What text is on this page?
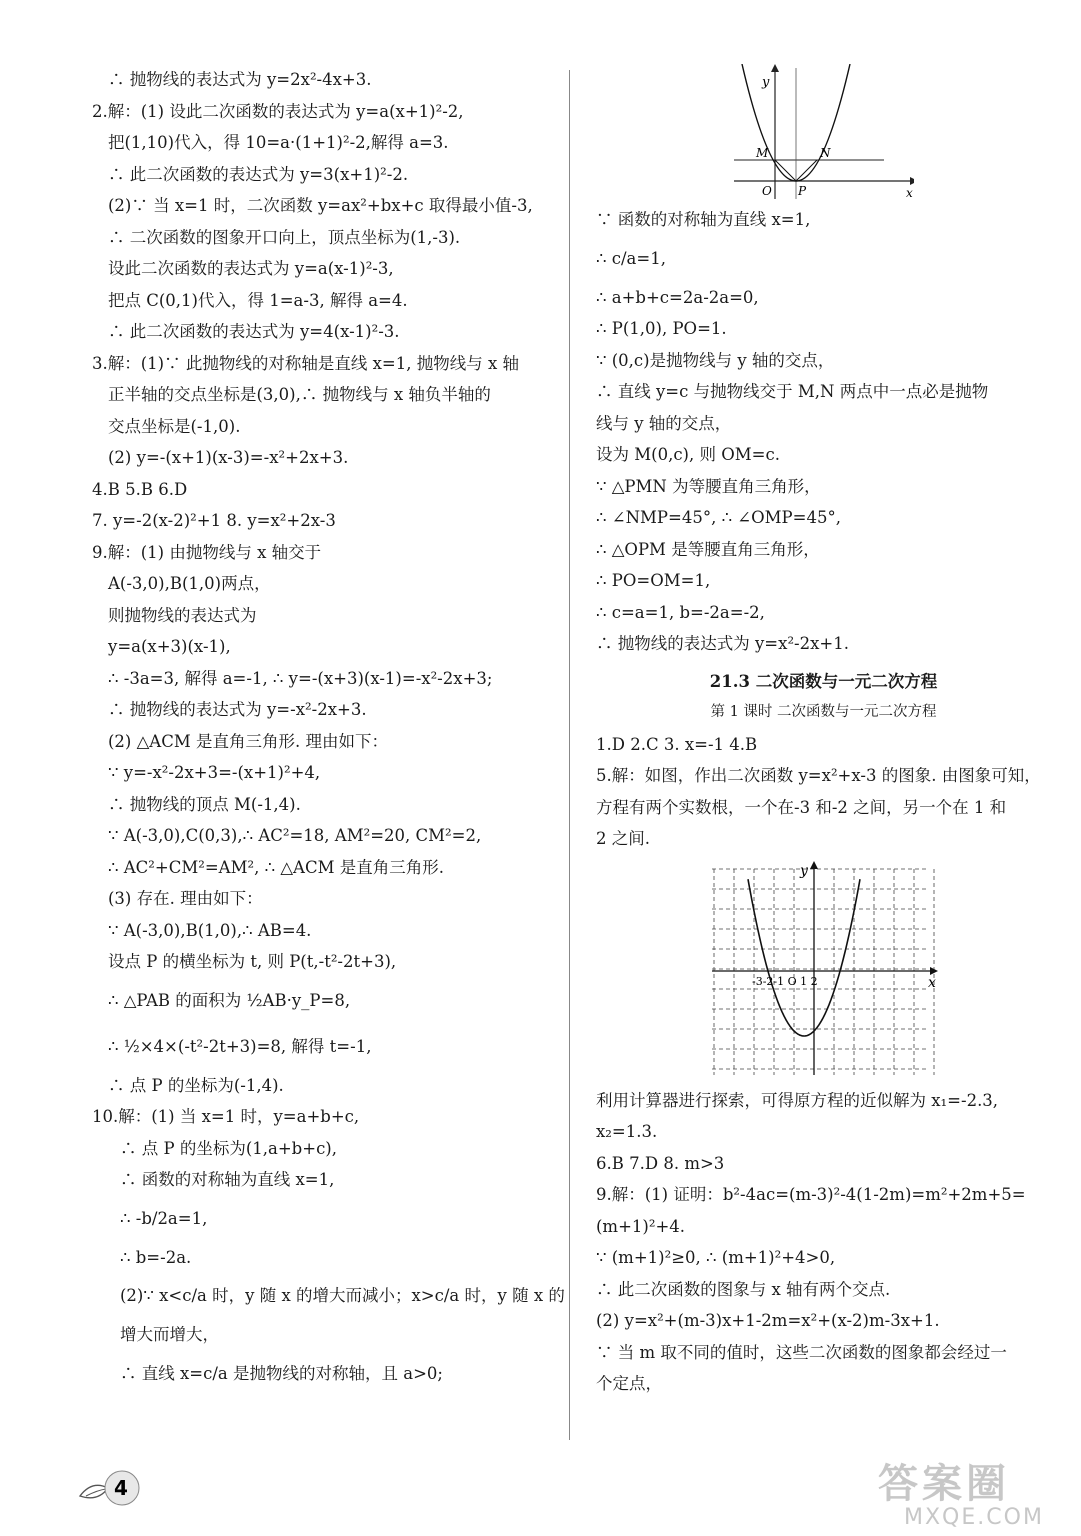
∴ 抛物线的表达式为 y=2x²-4x+3.
2.解：(1) 设此二次函数的表达式为 y=a(x+1)²-2,
把(1,10)代入，得 10=a·(1+1)²-2,解得 a=3.
∴ 此二次函数的表达式为 y=3(x+1)²-2.
(2)∵ 当 x=1 时，二次函数 y=ax²+bx+c 取得最小值-3,
∴ 二次函数的图象开口向上，顶点坐标为(1,-3).
设此二次函数的表达式为 y=a(x-1)²-3,
把点 C(0,1)代入，得 1=a-3, 解得 a=4.
∴ 此二次函数的表达式为 y=4(x-1)²-3.
3.解：(1)∵ 此抛物线的对称轴是直线 x=1, 抛物线与 x 轴
正半轴的交点坐标是(3,0),∴ 抛物线与 x 轴负半轴的
交点坐标是(-1,0).
(2) y=-(x+1)(x-3)=-x²+2x+3.
4.B 5.B 6.D
7. y=-2(x-2)²+1 8. y=x²+2x-3
9.解：(1) 由抛物线与 x 轴交于
A(-3,0),B(1,0)两点，
则抛物线的表达式为
y=a(x+3)(x-1),
∴ -3a=3, 解得 a=-1, ∴ y=-(x+3)(x-1)=-x²-2x+3;
∴ 抛物线的表达式为 y=-x²-2x+3.
(2) △ACM 是直角三角形. 理由如下：
∵ y=-x²-2x+3=-(x+1)²+4,
∴ 抛物线的顶点 M(-1,4).
∵ A(-3,0),C(0,3),∴ AC²=18, AM²=20, CM²=2,
∴ AC²+CM²=AM², ∴ △ACM 是直角三角形.
(3) 存在. 理由如下：
∵ A(-3,0),B(1,0),∴ AB=4.
设点 P 的横坐标为 t, 则 P(t,-t²-2t+3),
∴ △PAB 的面积为 ½AB·y_P=8,
∴ ½×4×(-t²-2t+3)=8, 解得 t=-1,
∴ 点 P 的坐标为(-1,4).
10.解：(1) 当 x=1 时，y=a+b+c,
∴ 点 P 的坐标为(1,a+b+c),
∴ 函数的对称轴为直线 x=1,
∴ -b/2a=1,
∴ b=-2a.
(2)∵ x<c/a 时，y 随 x 的增大而减小；x>c/a 时，y 随 x 的
增大而增大，
∴ 直线 x=c/a 是抛物线的对称轴，且 a>0;
y
x
M	N
O P
∵ 函数的对称轴为直线 x=1,
∴ c/a=1,
∴ a+b+c=2a-2a=0,
∴ P(1,0), PO=1.
∵ (0,c)是抛物线与 y 轴的交点，
∴ 直线 y=c 与抛物线交于 M,N 两点中一点必是抛物
线与 y 轴的交点，
设为 M(0,c), 则 OM=c.
∵ △PMN 为等腰直角三角形，
∴ ∠NMP=45°, ∴ ∠OMP=45°,
∴ △OPM 是等腰直角三角形，
∴ PO=OM=1,
∴ c=a=1, b=-2a=-2,
∴ 抛物线的表达式为 y=x²-2x+1.
21.3 二次函数与一元二次方程
第 1 课时 二次函数与一元二次方程
1.D 2.C 3. x=-1 4.B
5.解：如图，作出二次函数 y=x²+x-3 的图象. 由图象可知，
方程有两个实数根，一个在-3 和-2 之间，另一个在 1 和
2 之间.
y
x
-3-2-1 O 1 2
利用计算器进行探索，可得原方程的近似解为 x₁=-2.3,
x₂=1.3.
6.B 7.D 8. m>3
9.解：(1) 证明：b²-4ac=(m-3)²-4(1-2m)=m²+2m+5=
(m+1)²+4.
∵ (m+1)²≥0, ∴ (m+1)²+4>0,
∴ 此二次函数的图象与 x 轴有两个交点.
(2) y=x²+(m-3)x+1-2m=x²+(x-2)m-3x+1.
∵ 当 m 取不同的值时，这些二次函数的图象都会经过一
个定点，
4	答案圈
MXQE.COM
